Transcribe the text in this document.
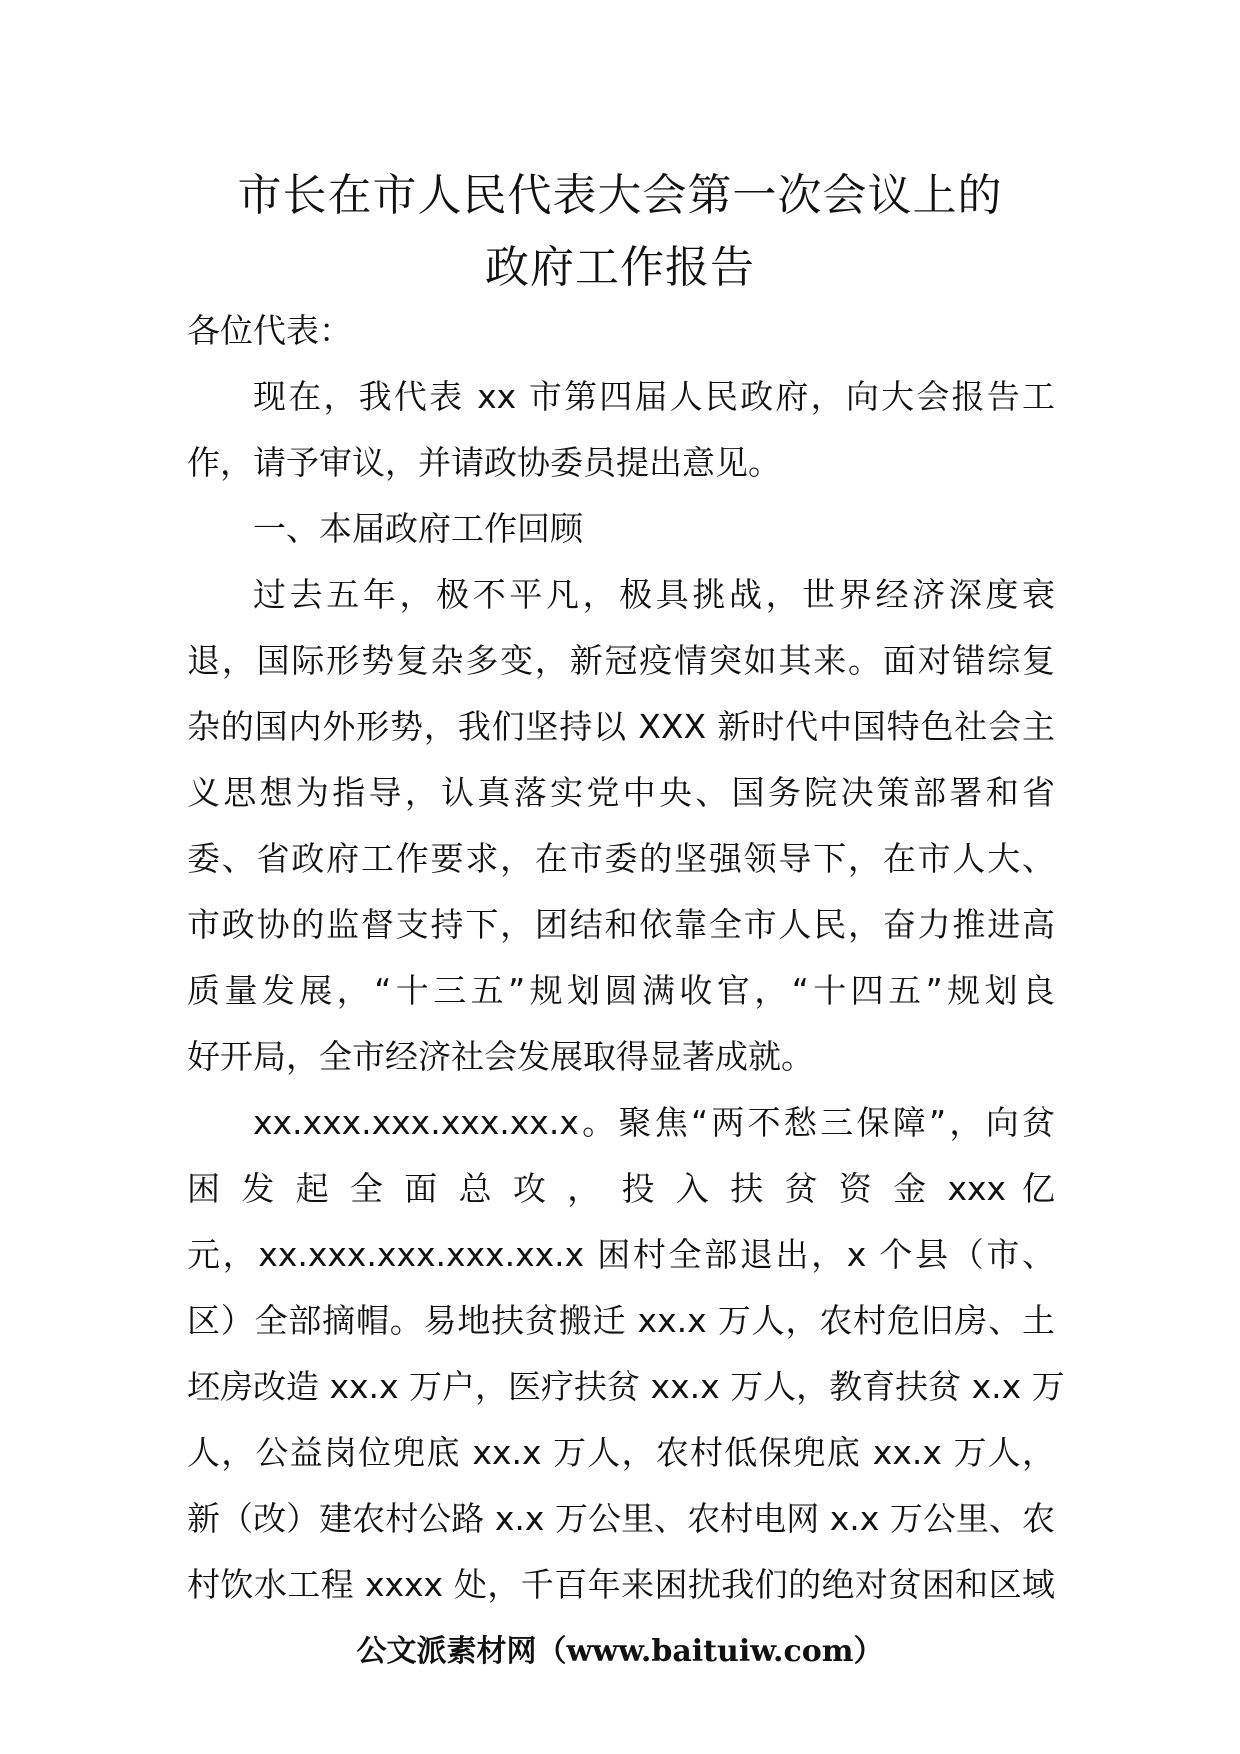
市长在市人民代表大会第一次会议上的
政府工作报告
各位代表：
现在，我代表 xx 市第四届人民政府，向大会报告工
作，请予审议，并请政协委员提出意见。
一、本届政府工作回顾
过去五年，极不平凡，极具挑战，世界经济深度衰
退，国际形势复杂多变，新冠疫情突如其来。面对错综复
杂的国内外形势，我们坚持以 XXX 新时代中国特色社会主
义思想为指导，认真落实党中央、国务院决策部署和省
委、省政府工作要求，在市委的坚强领导下，在市人大、
市政协的监督支持下，团结和依靠全市人民，奋力推进高
质量发展，“十三五”规划圆满收官，“十四五”规划良
好开局，全市经济社会发展取得显著成就。
xx.xxx.xxx.xxx.xx.x。聚焦“两不愁三保障”，向贫
困 发 起 全 面 总 攻 ， 投 入 扶 贫 资 金 xxx 亿
元，xx.xxx.xxx.xxx.xx.x 困村全部退出，x 个县（市、
区）全部摘帽。易地扶贫搬迁 xx.x 万人，农村危旧房、土
坯房改造 xx.x 万户，医疗扶贫 xx.x 万人，教育扶贫 x.x 万
人，公益岗位兜底 xx.x 万人，农村低保兜底 xx.x 万人，
新（改）建农村公路 x.x 万公里、农村电网 x.x 万公里、农
村饮水工程 xxxx 处，千百年来困扰我们的绝对贫困和区域
公文派素材网（www.baituiw.com）
